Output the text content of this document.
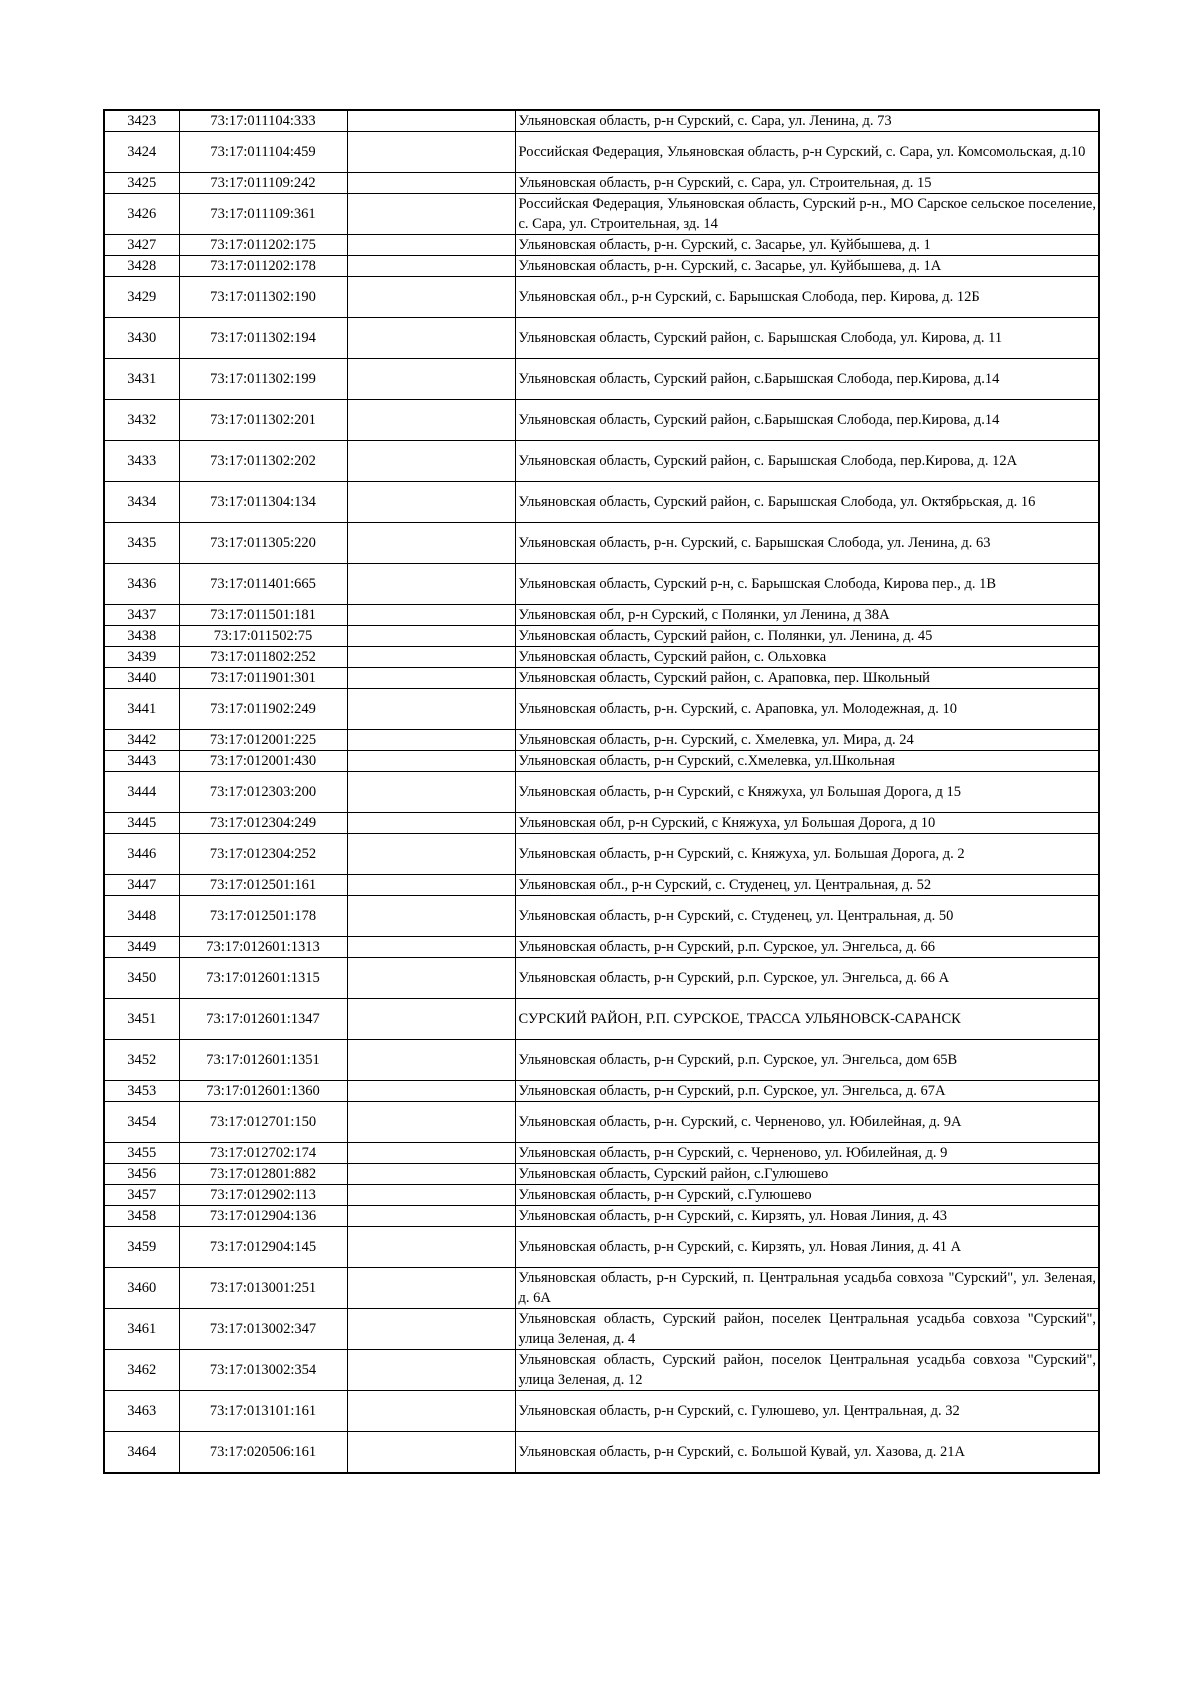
3423	73:17:011104:333		Ульяновская область, р-н Сурский, с. Сара, ул. Ленина, д. 73
3424	73:17:011104:459		Российская Федерация, Ульяновская область, р-н Сурский, с. Сара, ул. Комсомольская, д.10
3425	73:17:011109:242		Ульяновская область, р-н Сурский, с. Сара, ул. Строительная, д. 15
3426	73:17:011109:361		Российская Федерация, Ульяновская область, Сурский р-н., МО Сарское сельское поселение, с. Сара, ул. Строительная, зд. 14
3427	73:17:011202:175		Ульяновская область, р-н. Сурский, с. Засарье, ул. Куйбышева, д. 1
3428	73:17:011202:178		Ульяновская область, р-н. Сурский, с. Засарье, ул. Куйбышева, д. 1А
3429	73:17:011302:190		Ульяновская обл., р-н Сурский, с. Барышская Слобода, пер. Кирова, д. 12Б
3430	73:17:011302:194		Ульяновская область, Сурский район, с. Барышская Слобода, ул. Кирова, д. 11
3431	73:17:011302:199		Ульяновская область, Сурский район, с.Барышская Слобода, пер.Кирова, д.14
3432	73:17:011302:201		Ульяновская область, Сурский район, с.Барышская Слобода, пер.Кирова, д.14
3433	73:17:011302:202		Ульяновская область, Сурский район, с. Барышская Слобода, пер.Кирова, д. 12А
3434	73:17:011304:134		Ульяновская область, Сурский район, с. Барышская Слобода, ул. Октябрьская, д. 16
3435	73:17:011305:220		Ульяновская область, р-н. Сурский, с. Барышская Слобода, ул. Ленина, д. 63
3436	73:17:011401:665		Ульяновская область, Сурский р-н, с. Барышская Слобода, Кирова пер., д. 1В
3437	73:17:011501:181		Ульяновская обл, р-н Сурский, с Полянки, ул Ленина, д 38А
3438	73:17:011502:75		Ульяновская область, Сурский район, с. Полянки, ул. Ленина, д. 45
3439	73:17:011802:252		Ульяновская область, Сурский район, с. Ольховка
3440	73:17:011901:301		Ульяновская область, Сурский район, с. Араповка, пер. Школьный
3441	73:17:011902:249		Ульяновская область, р-н. Сурский, с. Араповка, ул. Молодежная, д. 10
3442	73:17:012001:225		Ульяновская область, р-н. Сурский, с. Хмелевка, ул. Мира, д. 24
3443	73:17:012001:430		Ульяновская область, р-н Сурский, с.Хмелевка, ул.Школьная
3444	73:17:012303:200		Ульяновская область, р-н Сурский, с Княжуха, ул Большая Дорога, д 15
3445	73:17:012304:249		Ульяновская обл, р-н Сурский, с Княжуха, ул Большая Дорога, д 10
3446	73:17:012304:252		Ульяновская область, р-н Сурский, с. Княжуха, ул. Большая Дорога, д. 2
3447	73:17:012501:161		Ульяновская обл., р-н Сурский, с. Студенец, ул. Центральная, д. 52
3448	73:17:012501:178		Ульяновская область, р-н Сурский, с. Студенец, ул. Центральная, д. 50
3449	73:17:012601:1313		Ульяновская область, р-н Сурский, р.п. Сурское, ул. Энгельса, д. 66
3450	73:17:012601:1315		Ульяновская область, р-н Сурский, р.п. Сурское, ул. Энгельса, д. 66 А
3451	73:17:012601:1347		СУРСКИЙ РАЙОН, Р.П. СУРСКОЕ, ТРАССА УЛЬЯНОВСК-САРАНСК
3452	73:17:012601:1351		Ульяновская область, р-н Сурский, р.п. Сурское, ул. Энгельса, дом 65В
3453	73:17:012601:1360		Ульяновская область, р-н Сурский, р.п. Сурское, ул. Энгельса, д. 67А
3454	73:17:012701:150		Ульяновская область, р-н. Сурский, с. Черненово, ул. Юбилейная, д. 9А
3455	73:17:012702:174		Ульяновская область, р-н Сурский, с. Черненово, ул. Юбилейная, д. 9
3456	73:17:012801:882		Ульяновская область, Сурский район, с.Гулюшево
3457	73:17:012902:113		Ульяновская область, р-н Сурский, с.Гулюшево
3458	73:17:012904:136		Ульяновская область, р-н Сурский, с. Кирзять, ул. Новая Линия, д. 43
3459	73:17:012904:145		Ульяновская область, р-н Сурский, с. Кирзять, ул. Новая Линия, д. 41 А
3460	73:17:013001:251		Ульяновская область, р-н Сурский, п. Центральная усадьба совхоза "Сурский", ул. Зеленая, д. 6А
3461	73:17:013002:347		Ульяновская область, Сурский район, поселек Центральная усадьба совхоза "Сурский", улица Зеленая, д. 4
3462	73:17:013002:354		Ульяновская область, Сурский район, поселок Центральная усадьба совхоза "Сурский", улица Зеленая, д. 12
3463	73:17:013101:161		Ульяновская область, р-н Сурский, с. Гулюшево, ул. Центральная, д. 32
3464	73:17:020506:161		Ульяновская область, р-н Сурский, с. Большой Кувай, ул. Хазова, д. 21А
